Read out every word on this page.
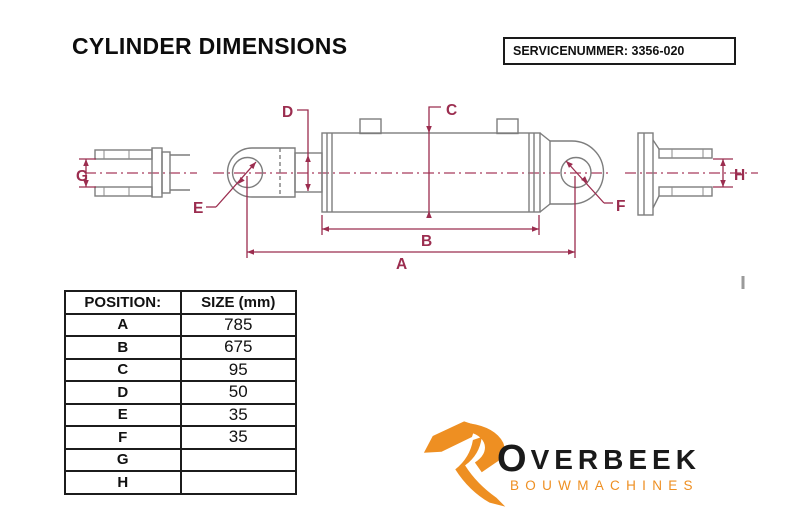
CYLINDER DIMENSIONS	SERVICENUMMER: 3356-020
G
D	C
E	F
B
A
H
POSITION:	SIZE (mm)
A	785
B	675
C	95
D	50
E	35
F	35
G	
H	
OVERBEEK
BOUWMACHINES
